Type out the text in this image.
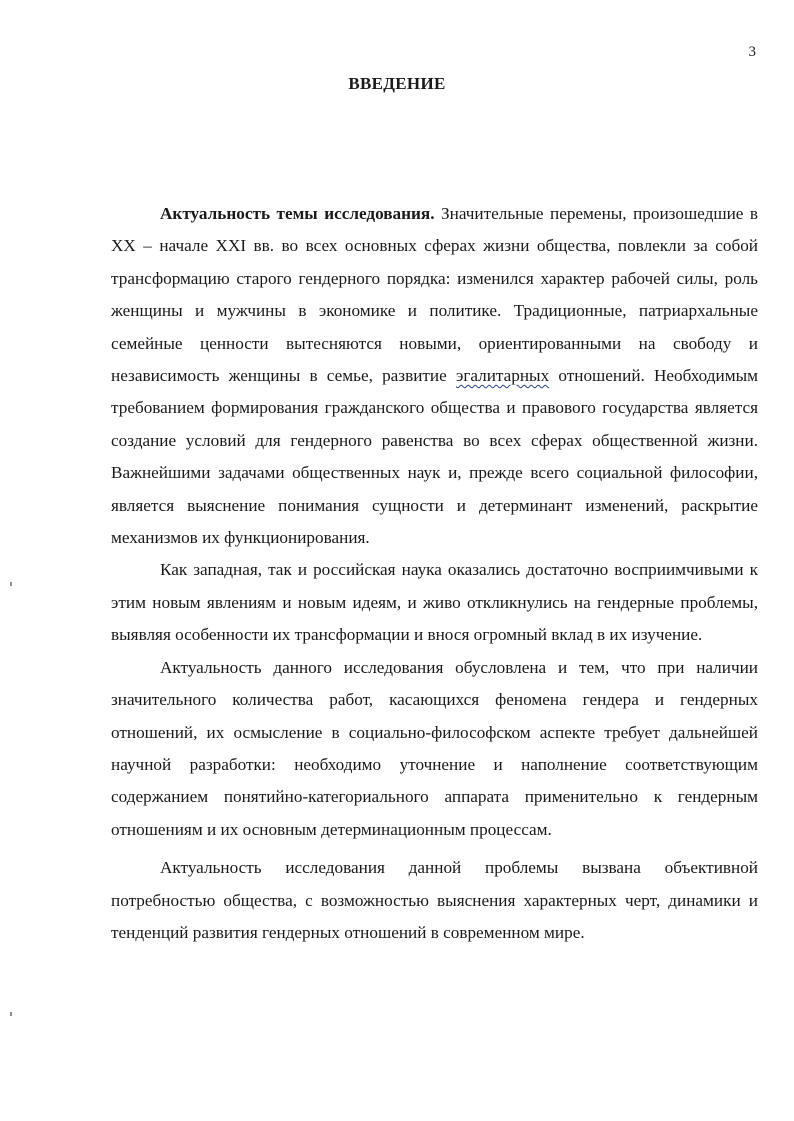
3
ВВЕДЕНИЕ

Актуальность темы исследования. Значительные перемены, произошедшие в XX – начале XXI вв. во всех основных сферах жизни общества, повлекли за собой трансформацию старого гендерного порядка: изменился характер рабочей силы, роль женщины и мужчины в экономике и политике. Традиционные, патриархальные семейные ценности вытесняются новыми, ориентированными на свободу и независимость женщины в семье, развитие эгалитарных отношений. Необходимым требованием формирования гражданского общества и правового государства является создание условий для гендерного равенства во всех сферах общественной жизни. Важнейшими задачами общественных наук и, прежде всего социальной философии, является выяснение понимания сущности и детерминант изменений, раскрытие механизмов их функционирования.

Как западная, так и российская наука оказались достаточно восприимчивыми к этим новым явлениям и новым идеям, и живо откликнулись на гендерные проблемы, выявляя особенности их трансформации и внося огромный вклад в их изучение.

Актуальность данного исследования обусловлена и тем, что при наличии значительного количества работ, касающихся феномена гендера и гендерных отношений, их осмысление в социально-философском аспекте требует дальнейшей научной разработки: необходимо уточнение и наполнение соответствующим содержанием понятийно-категориального аппарата применительно к гендерным отношениям и их основным детерминационным процессам.

Актуальность исследования данной проблемы вызвана объективной потребностью общества, с возможностью выяснения характерных черт, динамики и тенденций развития гендерных отношений в современном мире.
